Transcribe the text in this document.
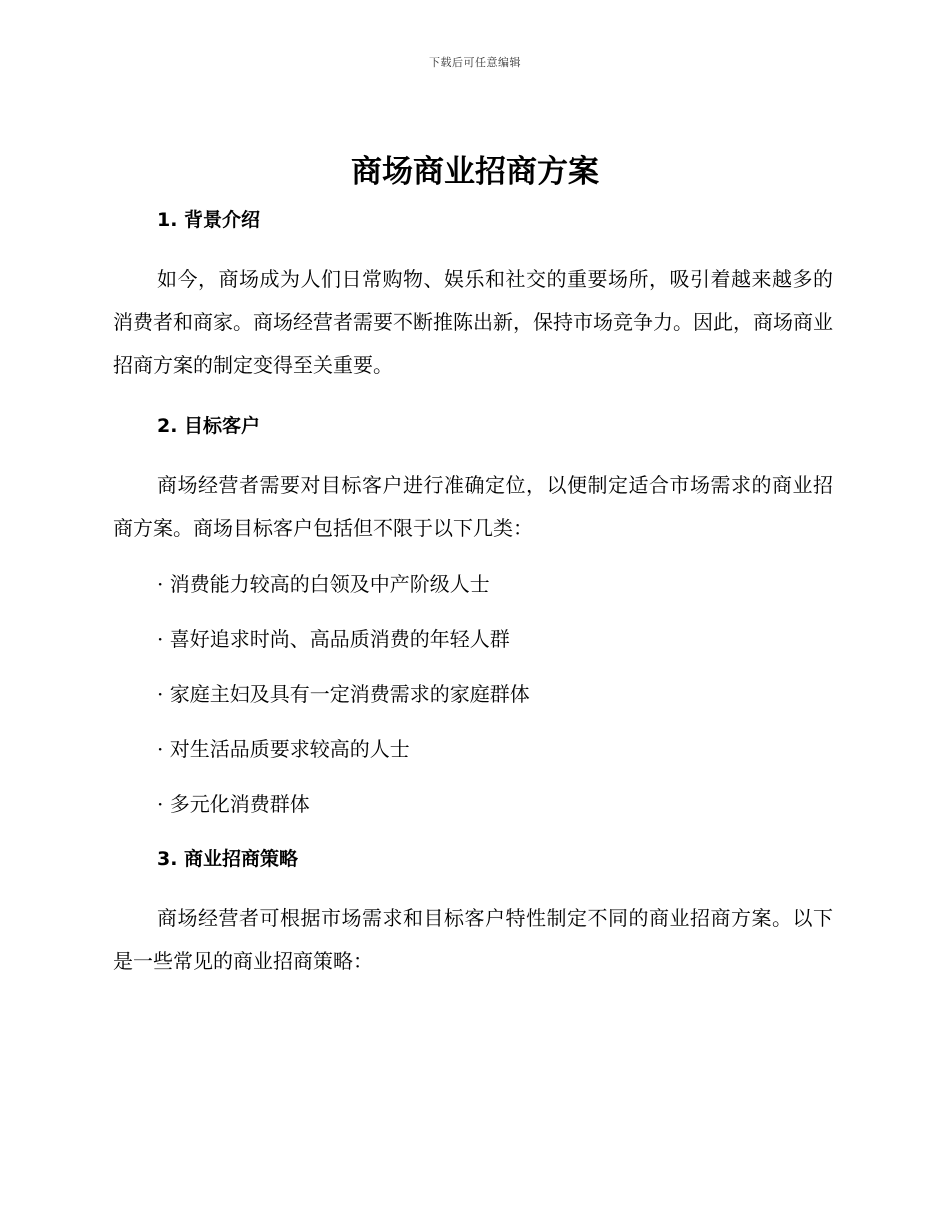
下载后可任意编辑
商场商业招商方案
1. 背景介绍

如今，商场成为人们日常购物、娱乐和社交的重要场所，吸引着越来越多的消费者和商家。商场经营者需要不断推陈出新，保持市场竞争力。因此，商场商业招商方案的制定变得至关重要。

2. 目标客户

商场经营者需要对目标客户进行准确定位，以便制定适合市场需求的商业招商方案。商场目标客户包括但不限于以下几类：

· 消费能力较高的白领及中产阶级人士
· 喜好追求时尚、高品质消费的年轻人群
· 家庭主妇及具有一定消费需求的家庭群体
· 对生活品质要求较高的人士
· 多元化消费群体
3. 商业招商策略

商场经营者可根据市场需求和目标客户特性制定不同的商业招商方案。以下是一些常见的商业招商策略：
